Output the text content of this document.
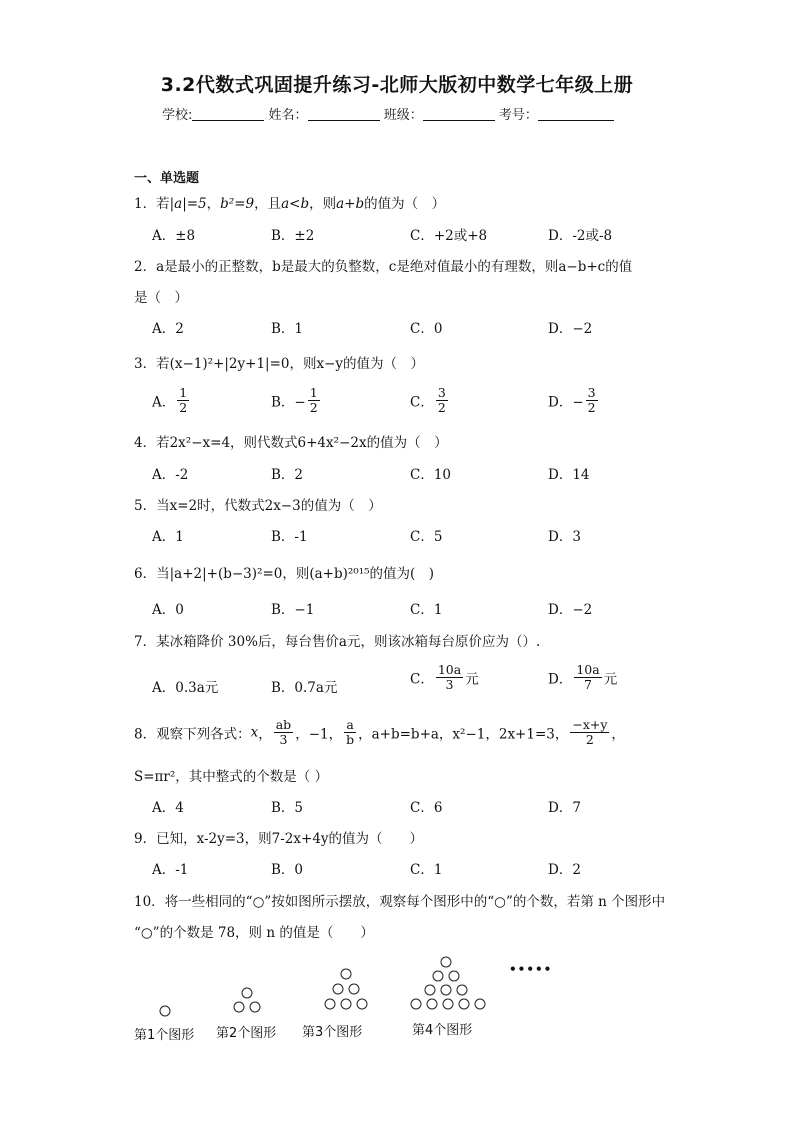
3.2代数式巩固提升练习-北师大版初中数学七年级上册
学校:	姓名：	班级：	考号：
一、单选题
1．若|a|=5，b²=9，且a<b，则a+b的值为（　）
A．±8	B．±2	C．+2或+8	D．-2或-8
2．a是最小的正整数，b是最大的负整数，c是绝对值最小的有理数，则a−b+c的值
是（　）
A．2	B．1	C．0	D．−2
3．若(x−1)²+|2y+1|=0，则x−y的值为（　）
A． $\frac{1}{2}$	B．− $\frac{1}{2}$	C． $\frac{3}{2}$	D．− $\frac{3}{2}$
4．若2x²−x=4，则代数式6+4x²−2x的值为（　）
A．-2	B．2	C．10	D．14
5．当x=2时，代数式2x−3的值为（　）
A．1	B．-1	C．5	D．3
6．当|a+2|+(b−3)²=0，则(a+b)²⁰¹⁵的值为(　)
A．0	B．−1	C．1	D．−2
7．某冰箱降价 30%后，每台售价a元，则该冰箱每台原价应为（）.
A．0.3a元	B．0.7a元
C． $\frac{10a}{3}$ 元	D． $\frac{10a}{7}$ 元
8．观察下列各式：x， $\frac{ab}{3}$ ，−1， $\frac{a}{b}$ ，a+b=b+a，x²−1，2x+1=3， $\frac{-x+y}{2}$ ，
S=πr²，其中整式的个数是（ ）
A．4	B．5	C．6	D．7
9．已知，x-2y=3，则7-2x+4y的值为（　　）
A．-1	B．0	C．1	D．2
10．将一些相同的“○”按如图所示摆放，观察每个图形中的“○”的个数，若第 n 个图形中
“○”的个数是 78，则 n 的值是（　　）
•••••
第1个图形 第2个图形 第3个图形	第4个图形
